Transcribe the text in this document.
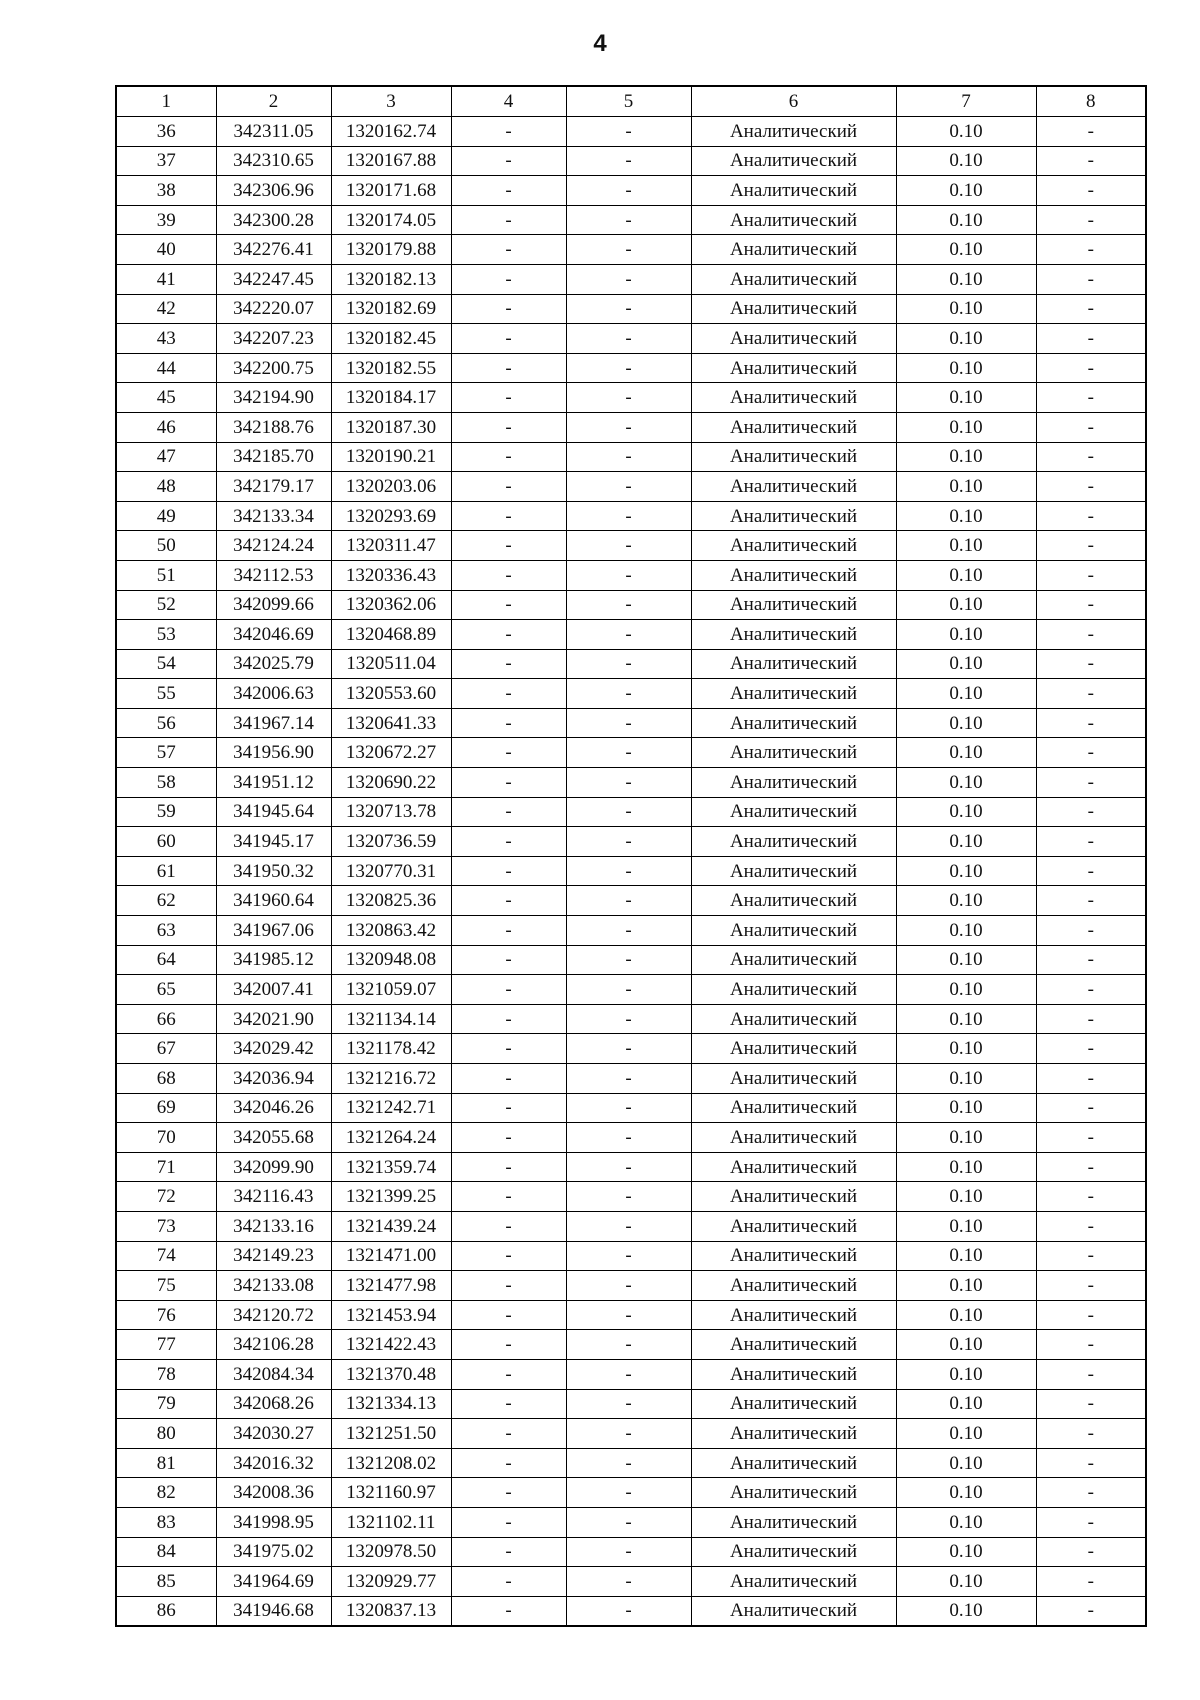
4
1	2	3	4	5	6	7	8
36	342311.05	1320162.74	-	-	Аналитический	0.10	-
37	342310.65	1320167.88	-	-	Аналитический	0.10	-
38	342306.96	1320171.68	-	-	Аналитический	0.10	-
39	342300.28	1320174.05	-	-	Аналитический	0.10	-
40	342276.41	1320179.88	-	-	Аналитический	0.10	-
41	342247.45	1320182.13	-	-	Аналитический	0.10	-
42	342220.07	1320182.69	-	-	Аналитический	0.10	-
43	342207.23	1320182.45	-	-	Аналитический	0.10	-
44	342200.75	1320182.55	-	-	Аналитический	0.10	-
45	342194.90	1320184.17	-	-	Аналитический	0.10	-
46	342188.76	1320187.30	-	-	Аналитический	0.10	-
47	342185.70	1320190.21	-	-	Аналитический	0.10	-
48	342179.17	1320203.06	-	-	Аналитический	0.10	-
49	342133.34	1320293.69	-	-	Аналитический	0.10	-
50	342124.24	1320311.47	-	-	Аналитический	0.10	-
51	342112.53	1320336.43	-	-	Аналитический	0.10	-
52	342099.66	1320362.06	-	-	Аналитический	0.10	-
53	342046.69	1320468.89	-	-	Аналитический	0.10	-
54	342025.79	1320511.04	-	-	Аналитический	0.10	-
55	342006.63	1320553.60	-	-	Аналитический	0.10	-
56	341967.14	1320641.33	-	-	Аналитический	0.10	-
57	341956.90	1320672.27	-	-	Аналитический	0.10	-
58	341951.12	1320690.22	-	-	Аналитический	0.10	-
59	341945.64	1320713.78	-	-	Аналитический	0.10	-
60	341945.17	1320736.59	-	-	Аналитический	0.10	-
61	341950.32	1320770.31	-	-	Аналитический	0.10	-
62	341960.64	1320825.36	-	-	Аналитический	0.10	-
63	341967.06	1320863.42	-	-	Аналитический	0.10	-
64	341985.12	1320948.08	-	-	Аналитический	0.10	-
65	342007.41	1321059.07	-	-	Аналитический	0.10	-
66	342021.90	1321134.14	-	-	Аналитический	0.10	-
67	342029.42	1321178.42	-	-	Аналитический	0.10	-
68	342036.94	1321216.72	-	-	Аналитический	0.10	-
69	342046.26	1321242.71	-	-	Аналитический	0.10	-
70	342055.68	1321264.24	-	-	Аналитический	0.10	-
71	342099.90	1321359.74	-	-	Аналитический	0.10	-
72	342116.43	1321399.25	-	-	Аналитический	0.10	-
73	342133.16	1321439.24	-	-	Аналитический	0.10	-
74	342149.23	1321471.00	-	-	Аналитический	0.10	-
75	342133.08	1321477.98	-	-	Аналитический	0.10	-
76	342120.72	1321453.94	-	-	Аналитический	0.10	-
77	342106.28	1321422.43	-	-	Аналитический	0.10	-
78	342084.34	1321370.48	-	-	Аналитический	0.10	-
79	342068.26	1321334.13	-	-	Аналитический	0.10	-
80	342030.27	1321251.50	-	-	Аналитический	0.10	-
81	342016.32	1321208.02	-	-	Аналитический	0.10	-
82	342008.36	1321160.97	-	-	Аналитический	0.10	-
83	341998.95	1321102.11	-	-	Аналитический	0.10	-
84	341975.02	1320978.50	-	-	Аналитический	0.10	-
85	341964.69	1320929.77	-	-	Аналитический	0.10	-
86	341946.68	1320837.13	-	-	Аналитический	0.10	-
